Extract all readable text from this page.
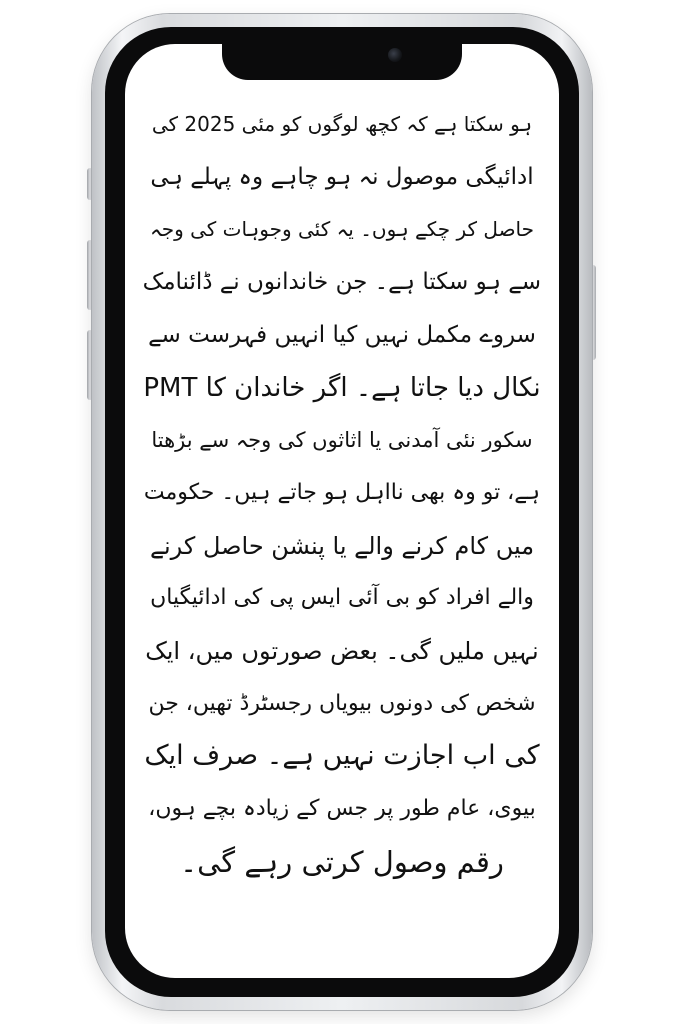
ہو سکتا ہے کہ کچھ لوگوں کو مئی 2025 کی
ادائیگی موصول نہ ہو چاہے وہ پہلے ہی
حاصل کر چکے ہوں۔ یہ کئی وجوہات کی وجہ
سے ہو سکتا ہے۔ جن خاندانوں نے ڈائنامک
سروے مکمل نہیں کیا انہیں فہرست سے
نکال دیا جاتا ہے۔ اگر خاندان کا PMT
سکور نئی آمدنی یا اثاثوں کی وجہ سے بڑھتا
ہے، تو وہ بھی نااہل ہو جاتے ہیں۔ حکومت
میں کام کرنے والے یا پنشن حاصل کرنے
والے افراد کو بی آئی ایس پی کی ادائیگیاں
نہیں ملیں گی۔ بعض صورتوں میں، ایک
شخص کی دونوں بیویاں رجسٹرڈ تھیں، جن
کی اب اجازت نہیں ہے۔ صرف ایک
بیوی، عام طور پر جس کے زیادہ بچے ہوں،
رقم وصول کرتی رہے گی۔
